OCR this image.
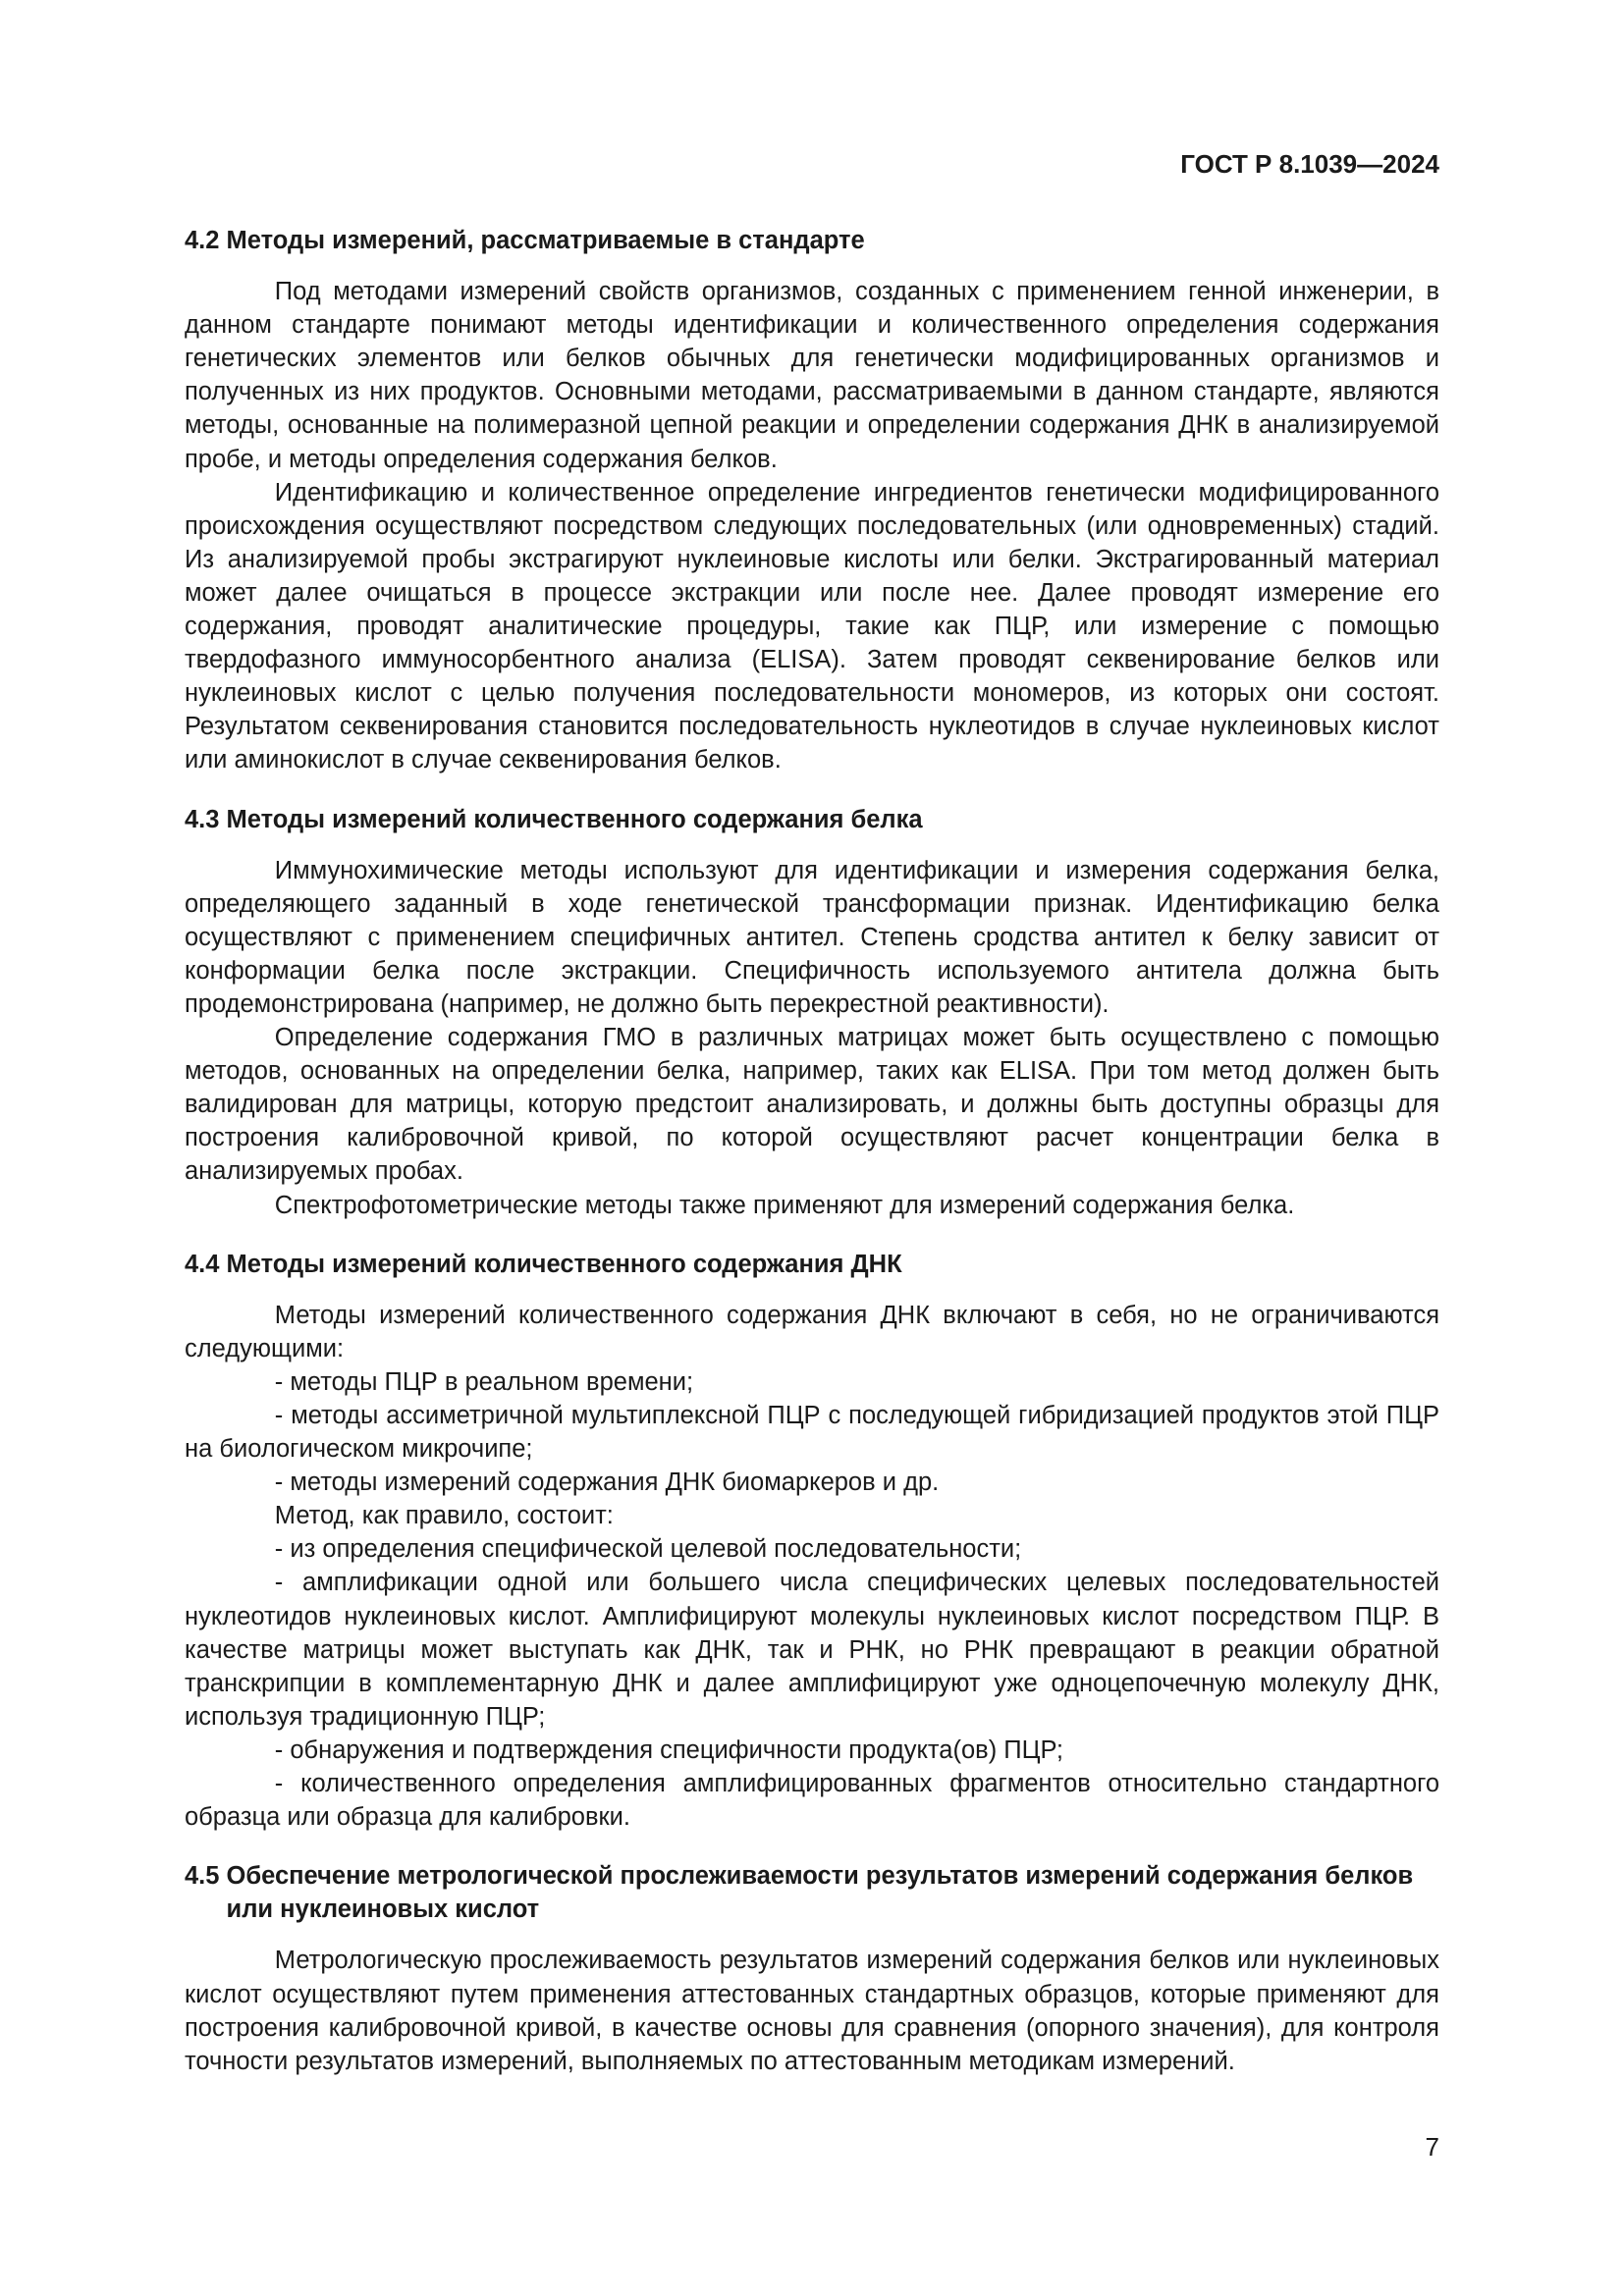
ГОСТ Р 8.1039—2024
4.2 Методы измерений, рассматриваемые в стандарте

Под методами измерений свойств организмов, созданных с применением генной инженерии, в данном стандарте понимают методы идентификации и количественного определения содержания генетических элементов или белков обычных для генетически модифицированных организмов и полученных из них продуктов. Основными методами, рассматриваемыми в данном стандарте, являются методы, основанные на полимеразной цепной реакции и определении содержания ДНК в анализируемой пробе, и методы определения содержания белков.

Идентификацию и количественное определение ингредиентов генетически модифицированного происхождения осуществляют посредством следующих последовательных (или одновременных) стадий. Из анализируемой пробы экстрагируют нуклеиновые кислоты или белки. Экстрагированный материал может далее очищаться в процессе экстракции или после нее. Далее проводят измерение его содержания, проводят аналитические процедуры, такие как ПЦР, или измерение с помощью твердофазного иммуносорбентного анализа (ELISA). Затем проводят секвенирование белков или нуклеиновых кислот с целью получения последовательности мономеров, из которых они состоят. Результатом секвенирования становится последовательность нуклеотидов в случае нуклеиновых кислот или аминокислот в случае секвенирования белков.

4.3 Методы измерений количественного содержания белка

Иммунохимические методы используют для идентификации и измерения содержания белка, определяющего заданный в ходе генетической трансформации признак. Идентификацию белка осуществляют с применением специфичных антител. Степень сродства антител к белку зависит от конформации белка после экстракции. Специфичность используемого антитела должна быть продемонстрирована (например, не должно быть перекрестной реактивности).

Определение содержания ГМО в различных матрицах может быть осуществлено с помощью методов, основанных на определении белка, например, таких как ELISA. При том метод должен быть валидирован для матрицы, которую предстоит анализировать, и должны быть доступны образцы для построения калибровочной кривой, по которой осуществляют расчет концентрации белка в анализируемых пробах.

Спектрофотометрические методы также применяют для измерений содержания белка.

4.4 Методы измерений количественного содержания ДНК

Методы измерений количественного содержания ДНК включают в себя, но не ограничиваются следующими:

- методы ПЦР в реальном времени;

- методы ассиметричной мультиплексной ПЦР с последующей гибридизацией продуктов этой ПЦР на биологическом микрочипе;

- методы измерений содержания ДНК биомаркеров и др.

Метод, как правило, состоит:

- из определения специфической целевой последовательности;

- амплификации одной или большего числа специфических целевых последовательностей нуклеотидов нуклеиновых кислот. Амплифицируют молекулы нуклеиновых кислот посредством ПЦР. В качестве матрицы может выступать как ДНК, так и РНК, но РНК превращают в реакции обратной транскрипции в комплементарную ДНК и далее амплифицируют уже одноцепочечную молекулу ДНК, используя традиционную ПЦР;

- обнаружения и подтверждения специфичности продукта(ов) ПЦР;

- количественного определения амплифицированных фрагментов относительно стандартного образца или образца для калибровки.

4.5 Обеспечение метрологической прослеживаемости результатов измерений содержания белков или нуклеиновых кислот

Метрологическую прослеживаемость результатов измерений содержания белков или нуклеиновых кислот осуществляют путем применения аттестованных стандартных образцов, которые применяют для построения калибровочной кривой, в качестве основы для сравнения (опорного значения), для контроля точности результатов измерений, выполняемых по аттестованным методикам измерений.

7
